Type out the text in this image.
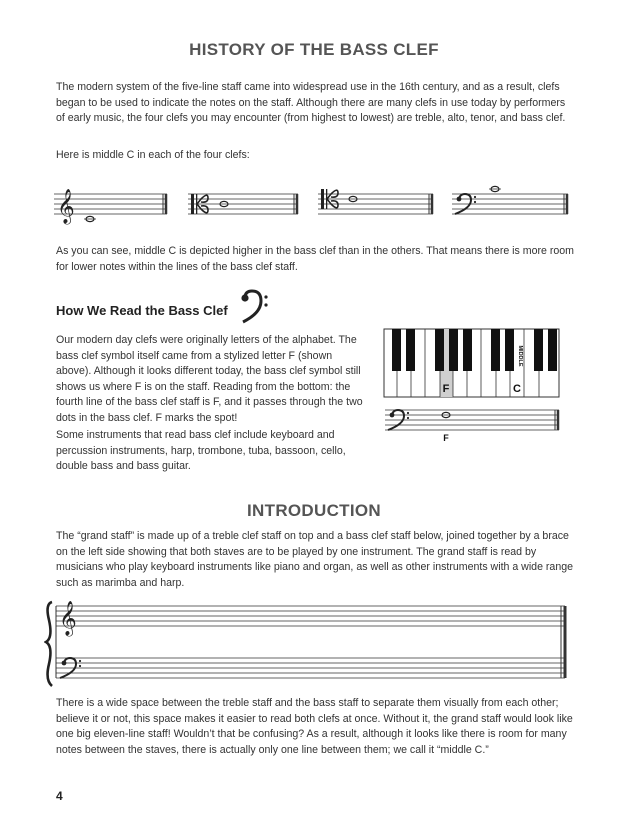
HISTORY OF THE BASS CLEF
The modern system of the five-line staff came into widespread use in the 16th century, and as a result, clefs began to be used to indicate the notes on the staff. Although there are many clefs in use today by performers of early music, the four clefs you may encounter (from highest to lowest) are treble, alto, tenor, and bass clef.
Here is middle C in each of the four clefs:
𝄞
As you can see, middle C is depicted higher in the bass clef than in the others. That means there is more room for lower notes within the lines of the bass clef staff.
How We Read the Bass Clef
Our modern day clefs were originally letters of the alphabet. The bass clef symbol itself came from a stylized letter F (shown above). Although it looks different today, the bass clef symbol still shows us where F is on the staff. Reading from the bottom: the fourth line of the bass clef staff is F, and it passes through the two dots in the bass clef. F marks the spot!
Some instruments that read bass clef include keyboard and percussion instruments, harp, trombone, tuba, bassoon, cello, double bass and bass guitar.
F	C
MIDDLE
F
INTRODUCTION
The “grand staff” is made up of a treble clef staff on top and a bass clef staff below, joined together by a brace on the left side showing that both staves are to be played by one instrument. The grand staff is read by musicians who play keyboard instruments like piano and organ, as well as other instruments with a wide range such as marimba and harp.
𝄞
There is a wide space between the treble staff and the bass staff to separate them visually from each other; believe it or not, this space makes it easier to read both clefs at once. Without it, the grand staff would look like one big eleven-line staff! Wouldn’t that be confusing? As a result, although it looks like there is room for many notes between the staves, there is actually only one line between them; we call it “middle C.”
4
